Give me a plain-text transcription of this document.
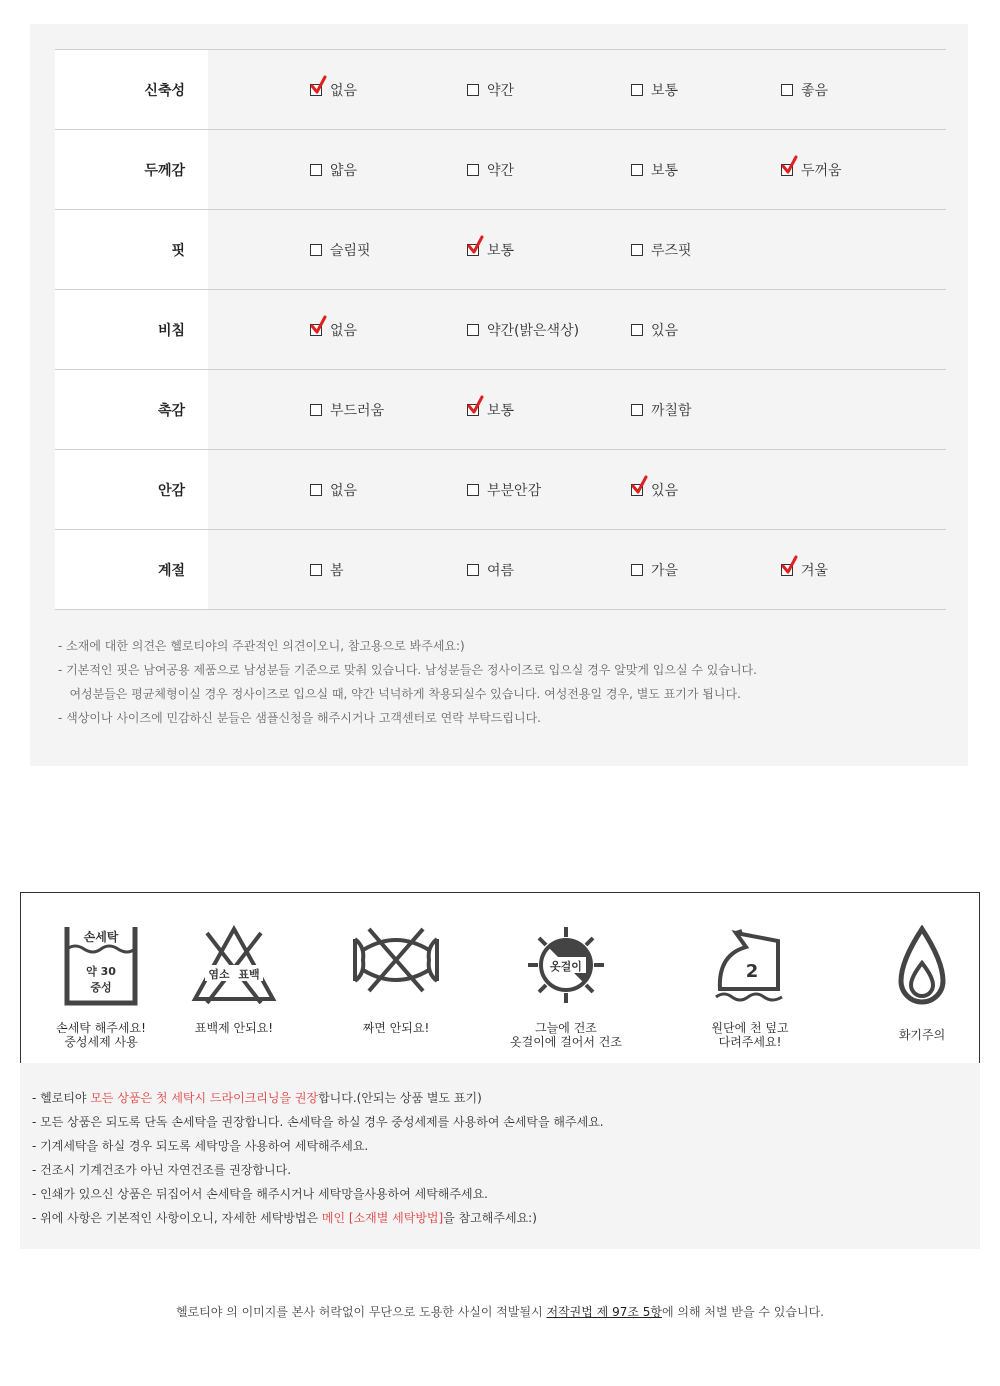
신축성	없음	약간	보통	좋음
두께감	얇음	약간	보통	두꺼움
핏	슬림핏	보통	루즈핏
비침	없음	약간(밝은색상)	있음
촉감	부드러움	보통	까칠함
안감	없음	부분안감	있음
계절	봄	여름	가을	겨울
- 소재에 대한 의견은 헬로티야의 주관적인 의견이오니, 참고용으로 봐주세요:)
- 기본적인 핏은 남여공용 제품으로 남성분들 기준으로 맞춰 있습니다. 남성분들은 정사이즈로 입으실 경우 알맞게 입으실 수 있습니다.
여성분들은 평균체형이실 경우 정사이즈로 입으실 때, 약간 넉넉하게 착용되실수 있습니다. 여성전용일 경우, 별도 표기가 됩니다.
- 색상이나 사이즈에 민감하신 분들은 샘플신청을 해주시거나 고객센터로 연락 부탁드립니다.
손세탁
약 30
중성
손세탁 해주세요!
중성세제 사용
염소 표백
표백제 안되요!	짜면 안되요!
옷걸이
그늘에 건조
옷걸이에 걸어서 건조
2
원단에 천 덮고
다려주세요!	화기주의
- 헬로티야 모든 상품은 첫 세탁시 드라이크리닝을 권장합니다.(안되는 상품 별도 표기)
- 모든 상품은 되도록 단독 손세탁을 권장합니다. 손세탁을 하실 경우 중성세제를 사용하여 손세탁을 해주세요.
- 기계세탁을 하실 경우 되도록 세탁망을 사용하여 세탁해주세요.
- 건조시 기계건조가 아닌 자연건조를 권장합니다.
- 인쇄가 있으신 상품은 뒤집어서 손세탁을 해주시거나 세탁망을사용하여 세탁해주세요.
- 위에 사항은 기본적인 사항이오니, 자세한 세탁방법은 메인 [소재별 세탁방법]을 참고해주세요:)
헬로티야 의 이미지를 본사 허락없이 무단으로 도용한 사실이 적발될시 저작권법 제 97조 5항에 의해 처벌 받을 수 있습니다.
